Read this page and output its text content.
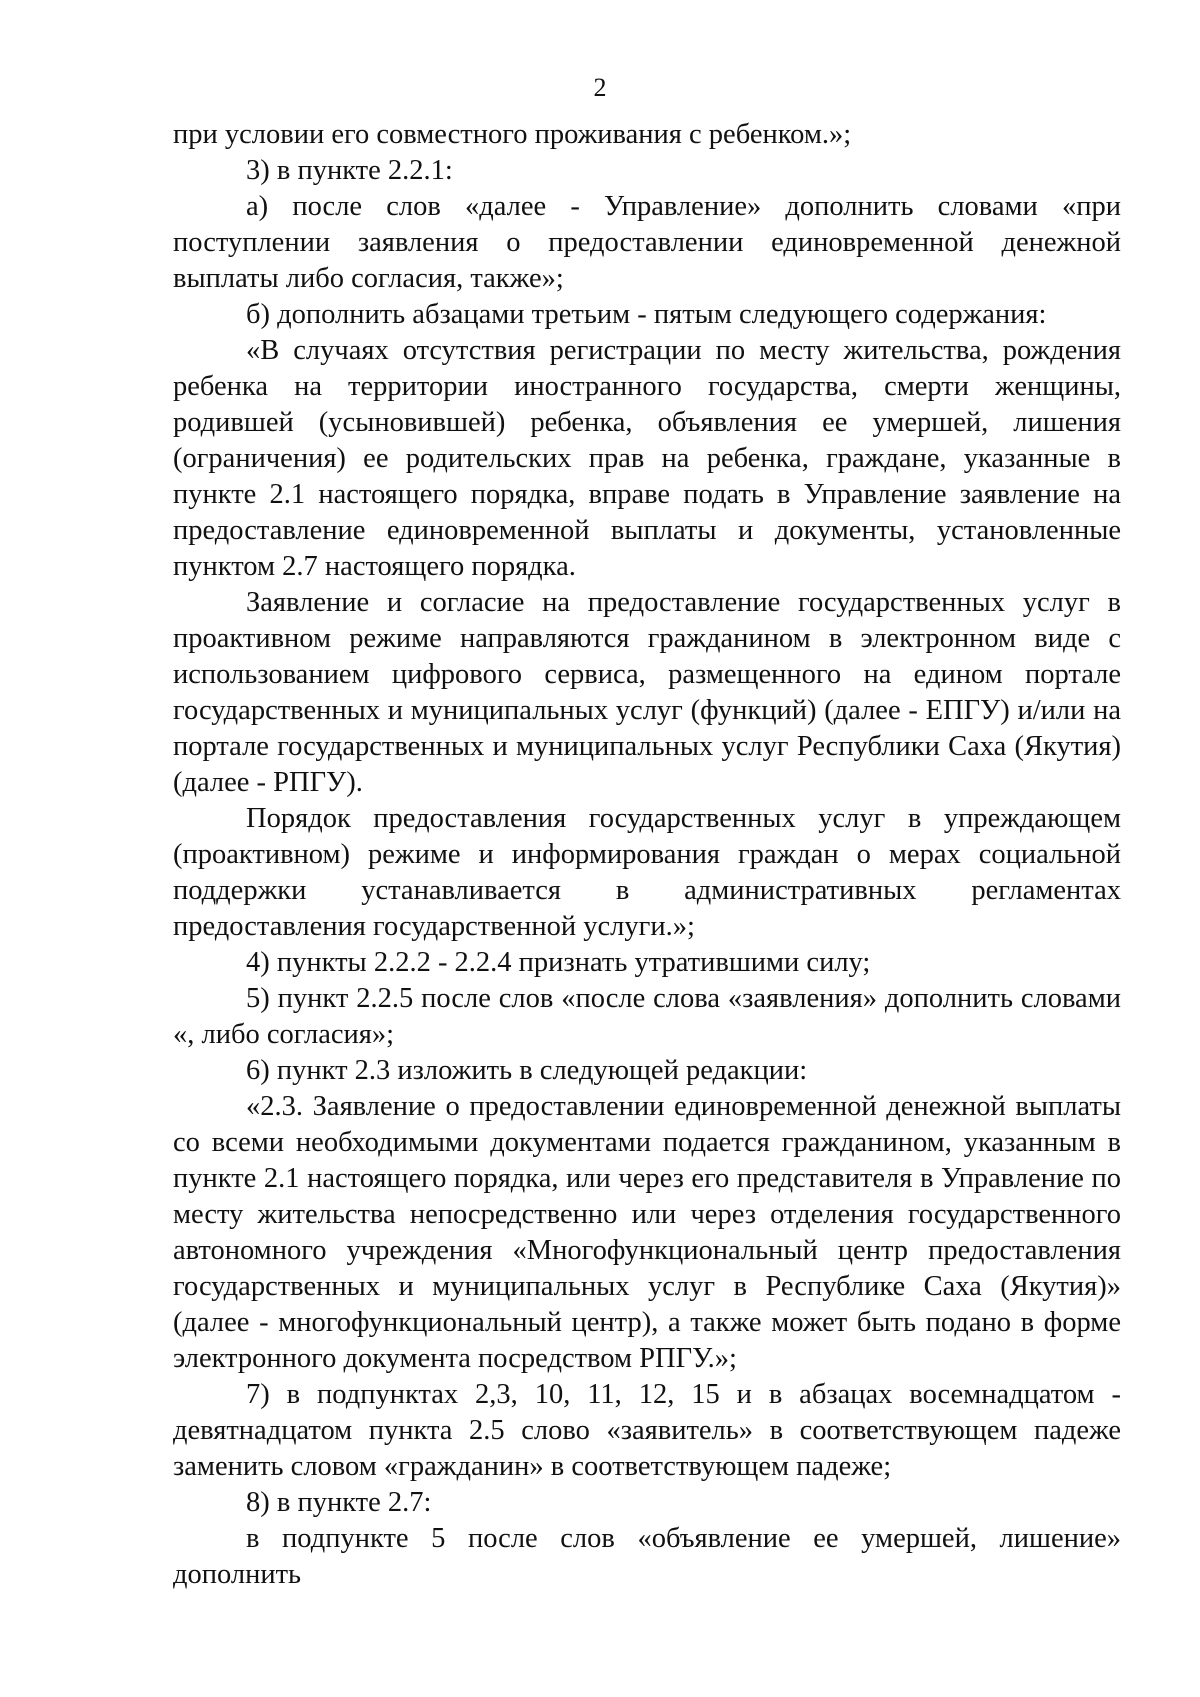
2

при условии его совместного проживания с ребенком.»;

3) в пункте 2.2.1:

а) после слов «далее - Управление» дополнить словами «при поступлении заявления о предоставлении единовременной денежной выплаты либо согласия, также»;

б) дополнить абзацами третьим - пятым следующего содержания:

«В случаях отсутствия регистрации по месту жительства, рождения ребенка на территории иностранного государства, смерти женщины, родившей (усыновившей) ребенка, объявления ее умершей, лишения (ограничения) ее родительских прав на ребенка, граждане, указанные в пункте 2.1 настоящего порядка, вправе подать в Управление заявление на предоставление единовременной выплаты и документы, установленные пунктом 2.7 настоящего порядка.

Заявление и согласие на предоставление государственных услуг в проактивном режиме направляются гражданином в электронном виде с использованием цифрового сервиса, размещенного на едином портале государственных и муниципальных услуг (функций) (далее - ЕПГУ) и/или на портале государственных и муниципальных услуг Республики Саха (Якутия) (далее - РПГУ).

Порядок предоставления государственных услуг в упреждающем (проактивном) режиме и информирования граждан о мерах социальной поддержки устанавливается в административных регламентах предоставления государственной услуги.»;

4) пункты 2.2.2 - 2.2.4 признать утратившими силу;

5) пункт 2.2.5 после слов «после слова «заявления» дополнить словами «, либо согласия»;

6) пункт 2.3 изложить в следующей редакции:

«2.3. Заявление о предоставлении единовременной денежной выплаты со всеми необходимыми документами подается гражданином, указанным в пункте 2.1 настоящего порядка, или через его представителя в Управление по месту жительства непосредственно или через отделения государственного автономного учреждения «Многофункциональный центр предоставления государственных и муниципальных услуг в Республике Саха (Якутия)» (далее - многофункциональный центр), а также может быть подано в форме электронного документа посредством РПГУ.»;

7) в подпунктах 2,3, 10, 11, 12, 15 и в абзацах восемнадцатом - девятнадцатом пункта 2.5 слово «заявитель» в соответствующем падеже заменить словом «гражданин» в соответствующем падеже;

8) в пункте 2.7:

в подпункте 5 после слов «объявление ее умершей, лишение» дополнить
